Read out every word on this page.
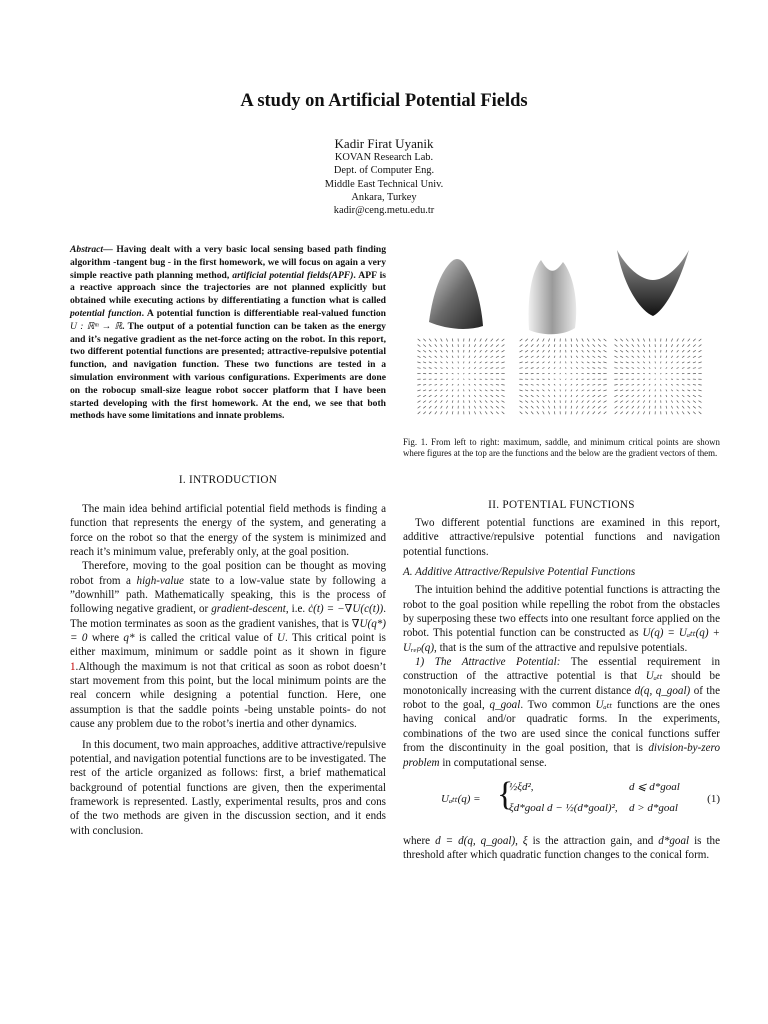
A study on Artificial Potential Fields
Kadir Firat Uyanik
KOVAN Research Lab.
Dept. of Computer Eng.
Middle East Technical Univ.
Ankara, Turkey
kadir@ceng.metu.edu.tr
Abstract— Having dealt with a very basic local sensing based path finding algorithm -tangent bug - in the first homework, we will focus on again a very simple reactive path planning method, artificial potential fields(APF). APF is a reactive approach since the trajectories are not planned explicitly but obtained while executing actions by differentiating a function what is called potential function. A potential function is differentiable real-valued function U : ℝᵐ → ℝ. The output of a potential function can be taken as the energy and it’s negative gradient as the net-force acting on the robot. In this report, two different potential functions are presented; attractive-repulsive potential function, and navigation function. These two functions are tested in a simulation environment with various configurations. Experiments are done on the robocup small-size league robot soccer platform that I have been started developing with the first homework. At the end, we see that both methods have some limitations and innate problems.
I. INTRODUCTION

The main idea behind artificial potential field methods is finding a function that represents the energy of the system, and generating a force on the robot so that the energy of the system is minimized and reach it’s minimum value, preferably only, at the goal position.

Therefore, moving to the goal position can be thought as moving robot from a high-value state to a low-value state by following a ”downhill” path. Mathematically speaking, this is the process of following negative gradient, or gradient-descent, i.e. ċ(t) = −∇U(c(t)). The motion terminates as soon as the gradient vanishes, that is ∇U(q*) = 0 where q* is called the critical value of U. This critical point is either maximum, minimum or saddle point as it shown in figure 1.Although the maximum is not that critical as soon as robot doesn’t start movement from this point, but the local minimum points are the real concern while designing a potential function. Here, one assumption is that the saddle points -being unstable points- do not cause any problem due to the robot’s inertia and other dynamics.

In this document, two main approaches, additive attractive/repulsive potential, and navigation potential functions are to be investigated. The rest of the article organized as follows: first, a brief mathematical background of potential functions are given, then the experimental framework is represented. Lastly, experimental results, pros and cons of the two methods are given in the discussion section, and it ends with conclusion.

Fig. 1. From left to right: maximum, saddle, and minimum critical points are shown where figures at the top are the functions and the below are the gradient vectors of them.
II. POTENTIAL FUNCTIONS

Two different potential functions are examined in this report, additive attractive/repulsive potential functions and navigation potential functions.

A. Additive Attractive/Repulsive Potential Functions

The intuition behind the additive potential functions is attracting the robot to the goal position while repelling the robot from the obstacles by superposing these two effects into one resultant force applied on the robot. This potential function can be constructed as U(q) = Uₐₜₜ(q) + Uᵣₑₚ(q), that is the sum of the attractive and repulsive potentials.

1) The Attractive Potential: The essential requirement in construction of the attractive potential is that Uₐₜₜ should be monotonically increasing with the current distance d(q, q_goal) of the robot to the goal, q_goal. Two common Uₐₜₜ functions are the ones having conical and/or quadratic forms. In the experiments, combinations of the two are used since the conical functions suffer from the discontinuity in the goal position, that is division-by-zero problem in computational sense.

Uₐₜₜ(q) = {
½ξd²,
ξd*goal d − ½(d*goal)²,
d ⩽ d*goal
d > d*goal
(1)

where d = d(q, q_goal), ξ is the attraction gain, and d*goal is the threshold after which quadratic function changes to the conical form.
